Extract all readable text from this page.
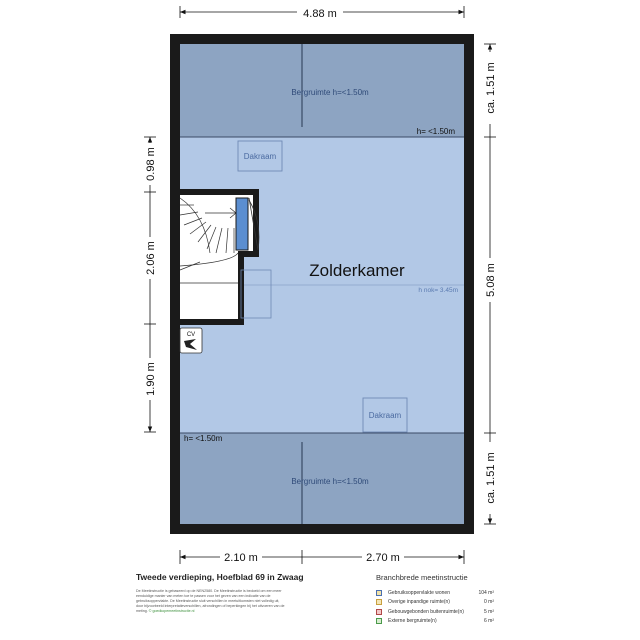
4.88 m
2.10 m	2.70 m
ca. 1.51 m
5.08 m
ca. 1.51 m
0.98 m
2.06 m
1.90 m
CV
Dakraam
Dakraam
Bergruimte h=<1.50m
Bergruimte h=<1.50m
h= <1.50m
h= <1.50m
Zolderkamer
h nok= 3.45m
Tweede verdieping, Hoefblad 69 in Zwaag
De Meetinstructie is gebaseerd op de NEN2580. De Meetinstructie is bedoeld om een meer eenduidige manier van meten toe te passen voor het geven van een indicatie van de gebruiksoppervlakte. De Meetinstructie sluit verschillen in meetuitkomsten niet volledig uit, door bijvoorbeeld interpretatieverschillen, afrondingen of beperkingen bij het uitvoeren van de meting. © goedkopemeetinstructie.nl
Branchbrede meetinstructie
Gebruiksoppervlakte wonen	104 m²
Overige inpandige ruimte(n)	0 m²
Gebouwgebonden buitenruimte(n)	5 m²
Externe bergruimte(n)	6 m²
